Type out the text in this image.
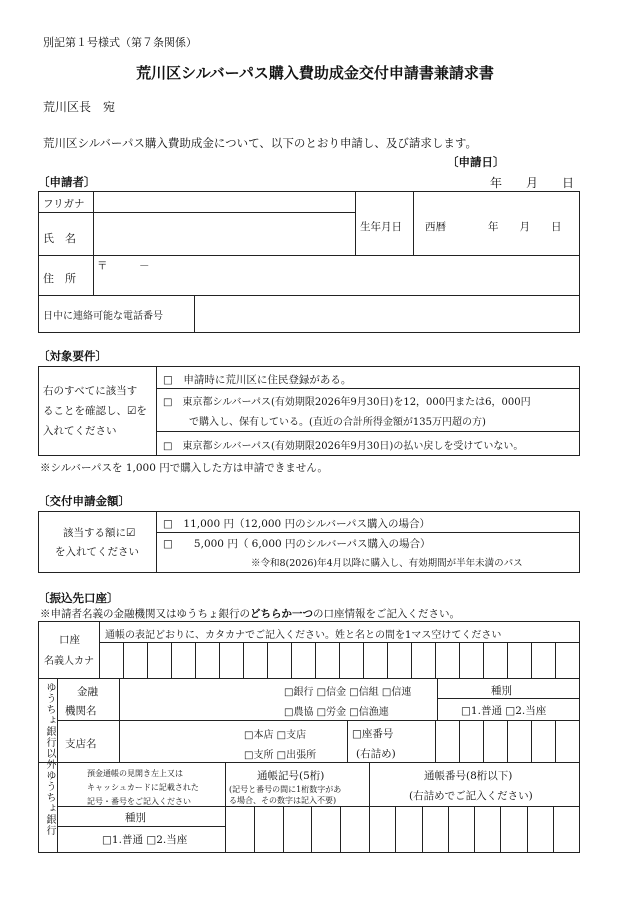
別記第１号様式（第７条関係）
荒川区シルバーパス購入費助成金交付申請書兼請求書
荒川区長　宛
荒川区シルバーパス購入費助成金について、以下のとおり申請し、及び請求します。
〔申請日〕
年　　月　　日
〔申請者〕
フリガナ
氏　名
生年月日 西暦　　　　年　　月　　日
住　所
〒　　　－
日中に連絡可能な電話番号
〔対象要件〕
右のすべてに該当す
ることを確認し、☑を
入れてください
□　申請時に荒川区に住民登録がある。
□　東京都シルバーパス(有効期限2026年9月30日)を12，000円または6，000円
で購入し、保有している。(直近の合計所得金額が135万円超の方)
□　東京都シルバーパス(有効期限2026年9月30日)の払い戻しを受けていない。
※シルバーパスを 1,000 円で購入した方は申請できません。
〔交付申請金額〕
該当する額に☑
を入れてください
□　11,000 円（12,000 円のシルバーパス購入の場合）
□　　5,000 円（ 6,000 円のシルバーパス購入の場合）
※令和8(2026)年4月以降に購入し、有効期間が半年未満のパス
〔振込先口座〕
※申請者名義の金融機関又はゆうちょ銀行のどちらか一つの口座情報をご記入ください。
口座
名義人カナ
通帳の表記どおりに、カタカナでご記入ください。姓と名との間を1マス空けてください
ゆうちょ銀行以外 金融
機関名
□銀行 □信金 □信組 □信連
□農協 □労金 □信漁連
種別
□1.普通 □2.当座
支店名
□本店 □支店
□支所 □出張所
□座番号
(右詰め)
ゆうちょ銀行	預金通帳の見開き左上又は
キャッシュカードに記載された
記号・番号をご記入ください
種別
□1.普通 □2.当座
通帳記号(5桁)
(記号と番号の間に1桁数字があ
る場合、その数字は記入不要)
通帳番号(8桁以下)
(右詰めでご記入ください)
